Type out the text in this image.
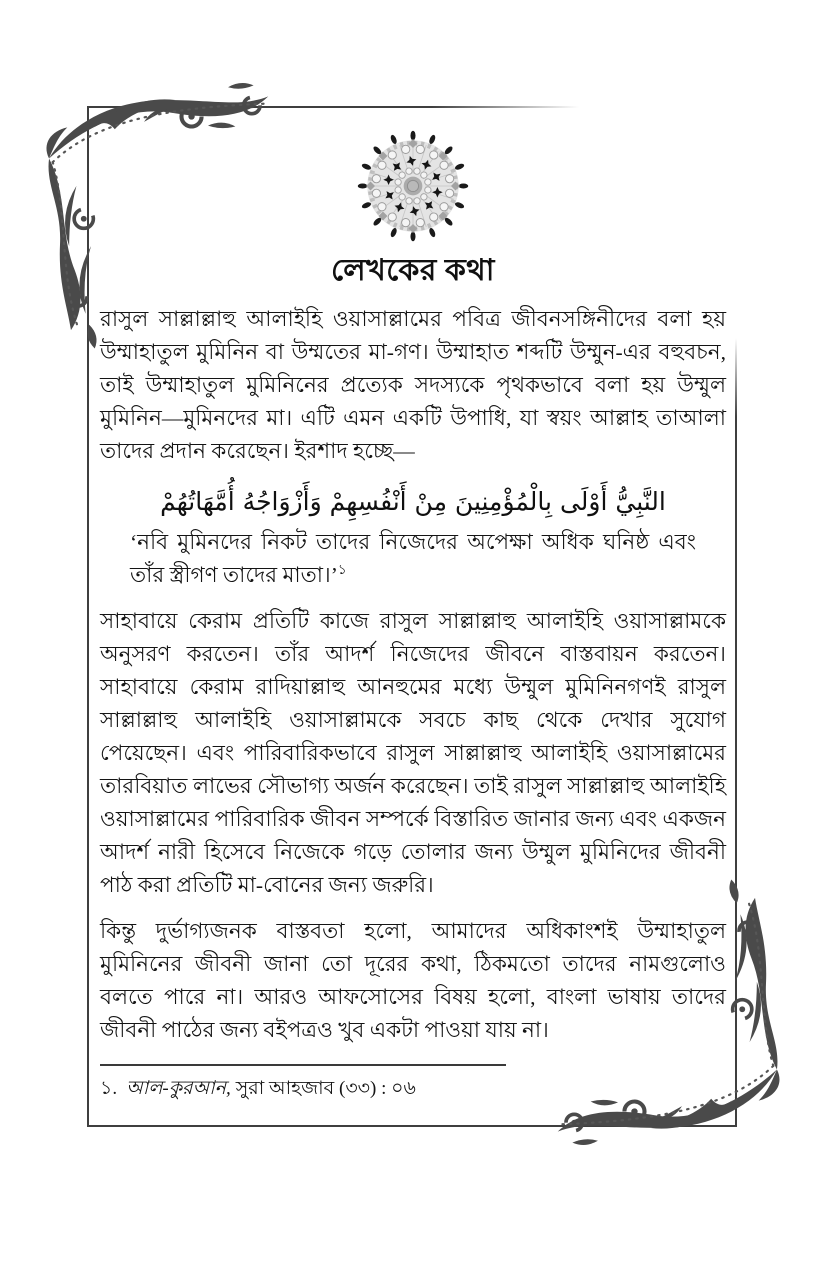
লেখকের কথা

রাসুল সাল্লাল্লাহু আলাইহি ওয়াসাল্লামের পবিত্র জীবনসঙ্গিনীদের বলা হয় উম্মাহাতুল মুমিনিন বা উম্মতের মা-গণ। উম্মাহাত শব্দটি উম্মুন-এর বহুবচন, তাই উম্মাহাতুল মুমিনিনের প্রত্যেক সদস্যকে পৃথকভাবে বলা হয় উম্মুল মুমিনিন—মুমিনদের মা। এটি এমন একটি উপাধি, যা স্বয়ং আল্লাহ তাআলা তাদের প্রদান করেছেন। ইরশাদ হচ্ছে—

النَّبِيُّ أَوْلَى بِالْمُؤْمِنِينَ مِنْ أَنْفُسِهِمْ وَأَزْوَاجُهُ أُمَّهَاتُهُمْ

‘নবি মুমিনদের নিকট তাদের নিজেদের অপেক্ষা অধিক ঘনিষ্ঠ এবং তাঁর স্ত্রীগণ তাদের মাতা।’$^১$

সাহাবায়ে কেরাম প্রতিটি কাজে রাসুল সাল্লাল্লাহু আলাইহি ওয়াসাল্লামকে অনুসরণ করতেন। তাঁর আদর্শ নিজেদের জীবনে বাস্তবায়ন করতেন। সাহাবায়ে কেরাম রাদিয়াল্লাহু আনহুমের মধ্যে উম্মুল মুমিনিনগণই রাসুল সাল্লাল্লাহু আলাইহি ওয়াসাল্লামকে সবচে কাছ থেকে দেখার সুযোগ পেয়েছেন। এবং পারিবারিকভাবে রাসুল সাল্লাল্লাহু আলাইহি ওয়াসাল্লামের তারবিয়াত লাভের সৌভাগ্য অর্জন করেছেন। তাই রাসুল সাল্লাল্লাহু আলাইহি ওয়াসাল্লামের পারিবারিক জীবন সম্পর্কে বিস্তারিত জানার জন্য এবং একজন আদর্শ নারী হিসেবে নিজেকে গড়ে তোলার জন্য উম্মুল মুমিনিদের জীবনী পাঠ করা প্রতিটি মা-বোনের জন্য জরুরি।

কিন্তু দুর্ভাগ্যজনক বাস্তবতা হলো, আমাদের অধিকাংশই উম্মাহাতুল মুমিনিনের জীবনী জানা তো দূরের কথা, ঠিকমতো তাদের নামগুলোও বলতে পারে না। আরও আফসোসের বিষয় হলো, বাংলা ভাষায় তাদের জীবনী পাঠের জন্য বইপত্রও খুব একটা পাওয়া যায় না।

১. আল-কুরআন, সুরা আহজাব (৩৩) : ০৬
